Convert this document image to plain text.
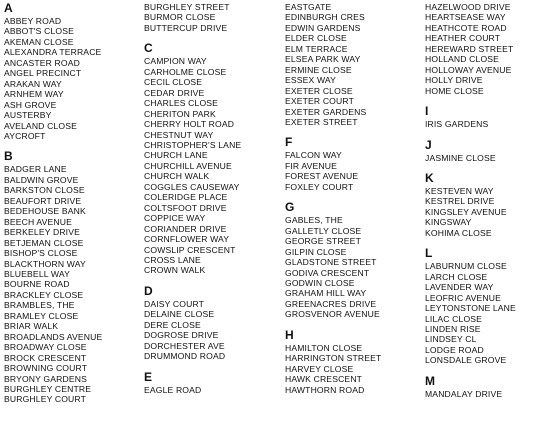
A
ABBEY ROAD
ABBOT'S CLOSE
AKEMAN CLOSE
ALEXANDRA TERRACE
ANCASTER ROAD
ANGEL PRECINCT
ARAKAN WAY
ARNHEM WAY
ASH GROVE
AUSTERBY
AVELAND CLOSE
AYCROFT
B
BADGER LANE
BALDWIN GROVE
BARKSTON CLOSE
BEAUFORT DRIVE
BEDEHOUSE BANK
BEECH AVENUE
BERKELEY DRIVE
BETJEMAN CLOSE
BISHOP'S CLOSE
BLACKTHORN WAY
BLUEBELL WAY
BOURNE ROAD
BRACKLEY CLOSE
BRAMBLES, THE
BRAMLEY CLOSE
BRIAR WALK
BROADLANDS AVENUE
BROADWAY CLOSE
BROCK CRESCENT
BROWNING COURT
BRYONY GARDENS
BURGHLEY CENTRE
BURGHLEY COURT
BURGHLEY STREET
BURMOR CLOSE
BUTTERCUP DRIVE
C
CAMPION WAY
CARHOLME CLOSE
CECIL CLOSE
CEDAR DRIVE
CHARLES CLOSE
CHERITON PARK
CHERRY HOLT ROAD
CHESTNUT WAY
CHRISTOPHER'S LANE
CHURCH LANE
CHURCHILL AVENUE
CHURCH WALK
COGGLES CAUSEWAY
COLERIDGE PLACE
COLTSFOOT DRIVE
COPPICE WAY
CORIANDER DRIVE
CORNFLOWER WAY
COWSLIP CRESCENT
CROSS LANE
CROWN WALK
D
DAISY COURT
DELAINE CLOSE
DERE CLOSE
DOGROSE DRIVE
DORCHESTER AVE
DRUMMOND ROAD
E
EAGLE ROAD
EASTGATE
EDINBURGH CRES
EDWIN GARDENS
ELDER CLOSE
ELM TERRACE
ELSEA PARK WAY
ERMINE CLOSE
ESSEX WAY
EXETER CLOSE
EXETER COURT
EXETER GARDENS
EXETER STREET
F
FALCON WAY
FIR AVENUE
FOREST AVENUE
FOXLEY COURT
G
GABLES, THE
GALLETLY CLOSE
GEORGE STREET
GILPIN CLOSE
GLADSTONE STREET
GODIVA CRESCENT
GODWIN CLOSE
GRAHAM HILL WAY
GREENACRES DRIVE
GROSVENOR AVENUE
H
HAMILTON CLOSE
HARRINGTON STREET
HARVEY CLOSE
HAWK CRESCENT
HAWTHORN ROAD
HAZELWOOD DRIVE
HEARTSEASE WAY
HEATHCOTE ROAD
HEATHER COURT
HEREWARD STREET
HOLLAND CLOSE
HOLLOWAY AVENUE
HOLLY DRIVE
HOME CLOSE
I
IRIS GARDENS
J
JASMINE CLOSE
K
KESTEVEN WAY
KESTREL DRIVE
KINGSLEY AVENUE
KINGSWAY
KOHIMA CLOSE
L
LABURNUM CLOSE
LARCH CLOSE
LAVENDER WAY
LEOFRIC AVENUE
LEYTONSTONE LANE
LILAC CLOSE
LINDEN RISE
LINDSEY CL
LODGE ROAD
LONSDALE GROVE
M
MANDALAY DRIVE
